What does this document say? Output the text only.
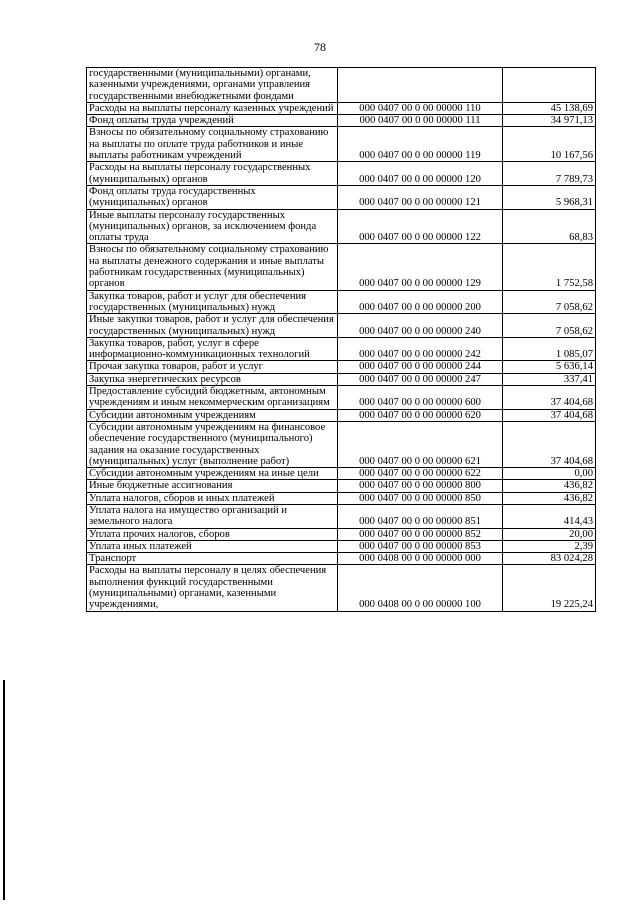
78
государственными (муниципальными) органами, казенными учреждениями, органами управления государственными внебюджетными фондами		
Расходы на выплаты персоналу казенных учреждений	000 0407 00 0 00 00000 110	45 138,69
Фонд оплаты труда учреждений	000 0407 00 0 00 00000 111	34 971,13
Взносы по обязательному социальному страхованию на выплаты по оплате труда работников и иные выплаты работникам учреждений	000 0407 00 0 00 00000 119	10 167,56
Расходы на выплаты персоналу государственных (муниципальных) органов	000 0407 00 0 00 00000 120	7 789,73
Фонд оплаты труда государственных (муниципальных) органов	000 0407 00 0 00 00000 121	5 968,31
Иные выплаты персоналу государственных (муниципальных) органов, за исключением фонда оплаты труда	000 0407 00 0 00 00000 122	68,83
Взносы по обязательному социальному страхованию на выплаты денежного содержания и иные выплаты работникам государственных (муниципальных) органов	000 0407 00 0 00 00000 129	1 752,58
Закупка товаров, работ и услуг для обеспечения государственных (муниципальных) нужд	000 0407 00 0 00 00000 200	7 058,62
Иные закупки товаров, работ и услуг для обеспечения государственных (муниципальных) нужд	000 0407 00 0 00 00000 240	7 058,62
Закупка товаров, работ, услуг в сфере информационно-коммуникационных технологий	000 0407 00 0 00 00000 242	1 085,07
Прочая закупка товаров, работ и услуг	000 0407 00 0 00 00000 244	5 636,14
Закупка энергетических ресурсов	000 0407 00 0 00 00000 247	337,41
Предоставление субсидий бюджетным, автономным учреждениям и иным некоммерческим организациям	000 0407 00 0 00 00000 600	37 404,68
Субсидии автономным учреждениям	000 0407 00 0 00 00000 620	37 404,68
Субсидии автономным учреждениям на финансовое обеспечение государственного (муниципального) задания на оказание государственных (муниципальных) услуг (выполнение работ)	000 0407 00 0 00 00000 621	37 404,68
Субсидии автономным учреждениям на иные цели	000 0407 00 0 00 00000 622	0,00
Иные бюджетные ассигнования	000 0407 00 0 00 00000 800	436,82
Уплата налогов, сборов и иных платежей	000 0407 00 0 00 00000 850	436,82
Уплата налога на имущество организаций и земельного налога	000 0407 00 0 00 00000 851	414,43
Уплата прочих налогов, сборов	000 0407 00 0 00 00000 852	20,00
Уплата иных платежей	000 0407 00 0 00 00000 853	2,39
Транспорт	000 0408 00 0 00 00000 000	83 024,28
Расходы на выплаты персоналу в целях обеспечения выполнения функций государственными (муниципальными) органами, казенными учреждениями,	000 0408 00 0 00 00000 100	19 225,24
